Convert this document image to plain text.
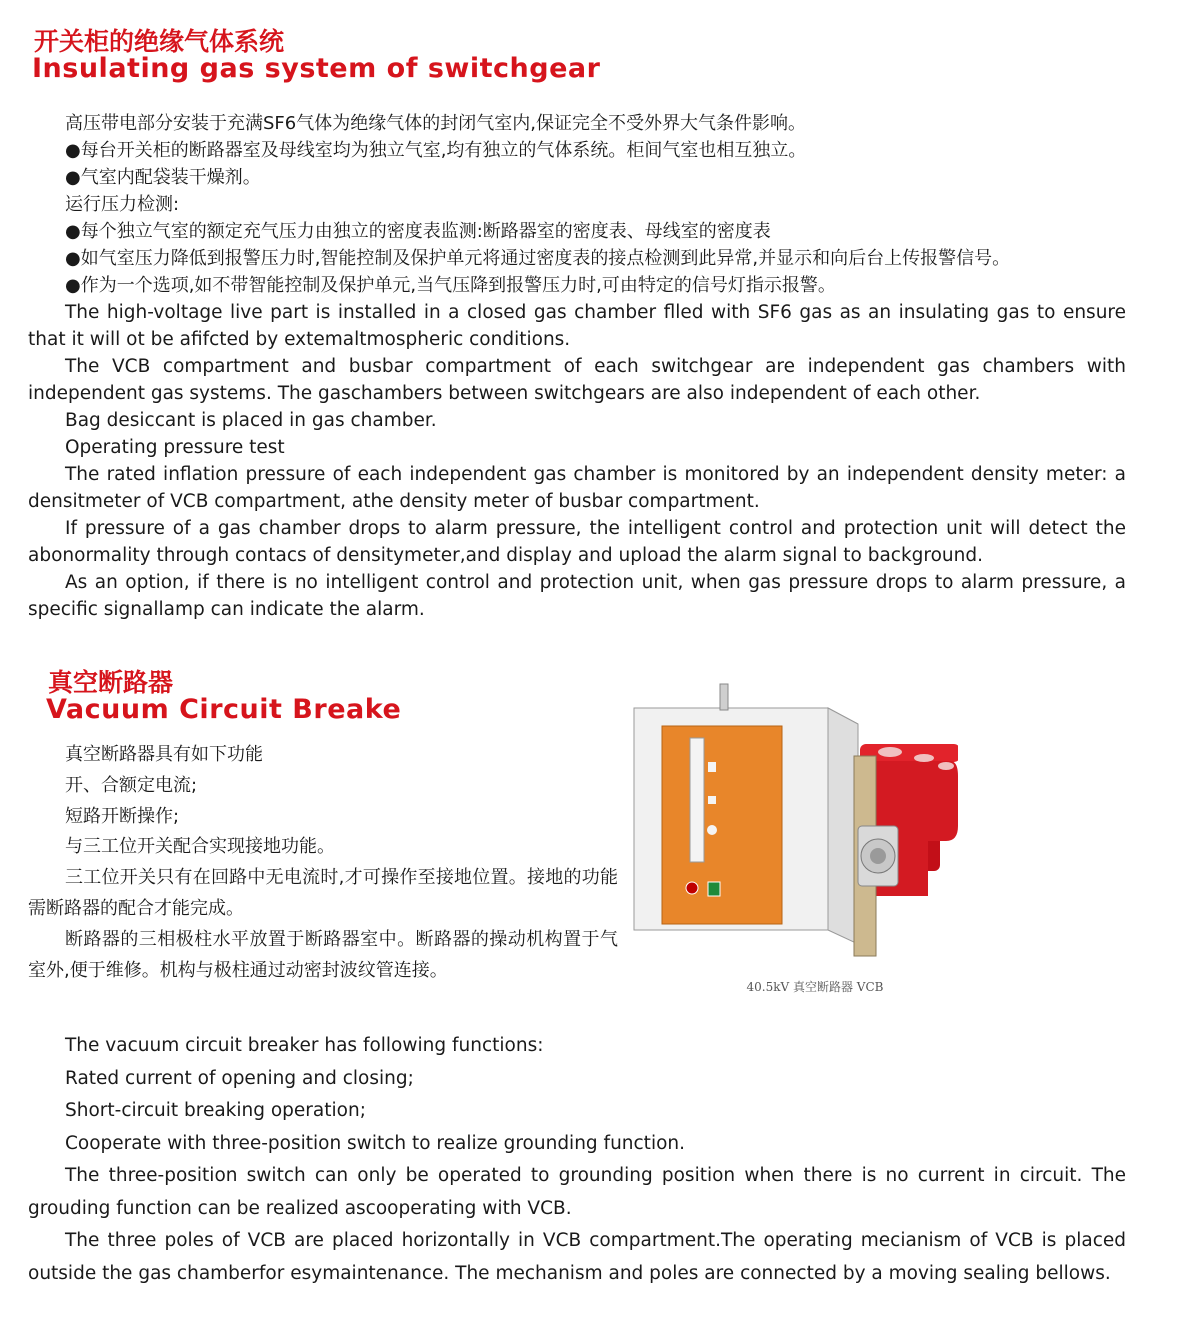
开关柜的绝缘气体系统
Insulating gas system of switchgear

高压带电部分安装于充满SF6气体为绝缘气体的封闭气室内,保证完全不受外界大气条件影响。

●每台开关柜的断路器室及母线室均为独立气室,均有独立的气体系统。柜间气室也相互独立。

●气室内配袋装干燥剂。

运行压力检测:

●每个独立气室的额定充气压力由独立的密度表监测:断路器室的密度表、母线室的密度表

●如气室压力降低到报警压力时,智能控制及保护单元将通过密度表的接点检测到此异常,并显示和向后台上传报警信号。

●作为一个选项,如不带智能控制及保护单元,当气压降到报警压力时,可由特定的信号灯指示报警。

The high-voltage live part is installed in a closed gas chamber flled with SF6 gas as an insulating gas to ensure that it will ot be afifcted by extemaltmospheric conditions.

The VCB compartment and busbar compartment of each switchgear are independent gas chambers with independent gas systems. The gaschambers between switchgears are also independent of each other.

Bag desiccant is placed in gas chamber.

Operating pressure test

The rated inflation pressure of each independent gas chamber is monitored by an independent density meter: a densitmeter of VCB compartment, athe density meter of busbar compartment.

If pressure of a gas chamber drops to alarm pressure, the intelligent control and protection unit will detect the abonormality through contacs of densitymeter,and display and upload the alarm signal to background.

As an option, if there is no intelligent control and protection unit, when gas pressure drops to alarm pressure, a specific signallamp can indicate the alarm.

真空断路器
Vacuum Circuit Breake

真空断路器具有如下功能

开、合额定电流;

短路开断操作;

与三工位开关配合实现接地功能。

三工位开关只有在回路中无电流时,才可操作至接地位置。接地的功能需断路器的配合才能完成。

断路器的三相极柱水平放置于断路器室中。断路器的操动机构置于气室外,便于维修。机构与极柱通过动密封波纹管连接。

40.5kV 真空断路器 VCB

The vacuum circuit breaker has following functions:

Rated current of opening and closing;

Short-circuit breaking operation;

Cooperate with three-position switch to realize grounding function.

The three-position switch can only be operated to grounding position when there is no current in circuit. The grouding function can be realized ascooperating with VCB.

The three poles of VCB are placed horizontally in VCB compartment.The operating mecianism of VCB is placed outside the gas chamberfor esymaintenance. The mechanism and poles are connected by a moving sealing bellows.
